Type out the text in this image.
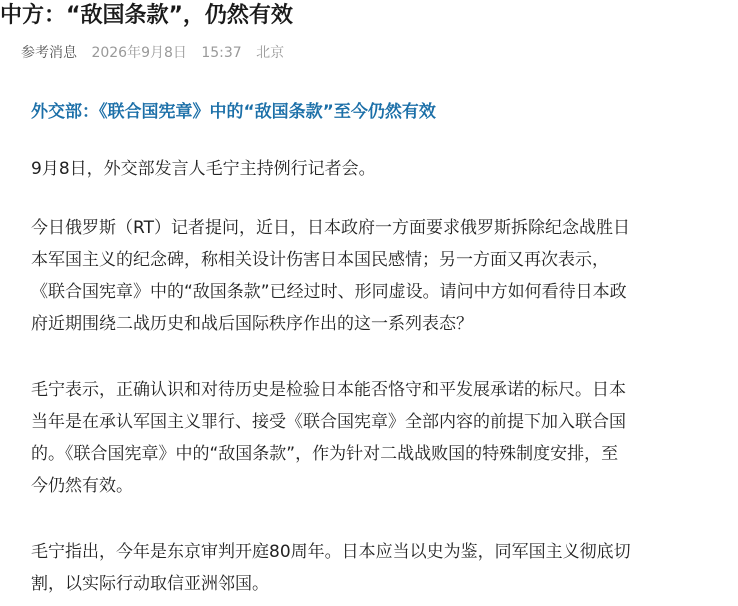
中方：“敌国条款”，仍然有效
参考消息 2026年9月8日 15:37 北京
外交部：《联合国宪章》中的“敌国条款”至今仍然有效

9月8日，外交部发言人毛宁主持例行记者会。

今日俄罗斯（RT）记者提问，近日，日本政府一方面要求俄罗斯拆除纪念战胜日
本军国主义的纪念碑，称相关设计伤害日本国民感情；另一方面又再次表示，
《联合国宪章》中的“敌国条款”已经过时、形同虚设。请问中方如何看待日本政
府近期围绕二战历史和战后国际秩序作出的这一系列表态？

毛宁表示，正确认识和对待历史是检验日本能否恪守和平发展承诺的标尺。日本
当年是在承认军国主义罪行、接受《联合国宪章》全部内容的前提下加入联合国
的。《联合国宪章》中的“敌国条款”，作为针对二战战败国的特殊制度安排，至
今仍然有效。

毛宁指出，今年是东京审判开庭80周年。日本应当以史为鉴，同军国主义彻底切
割，以实际行动取信亚洲邻国。
